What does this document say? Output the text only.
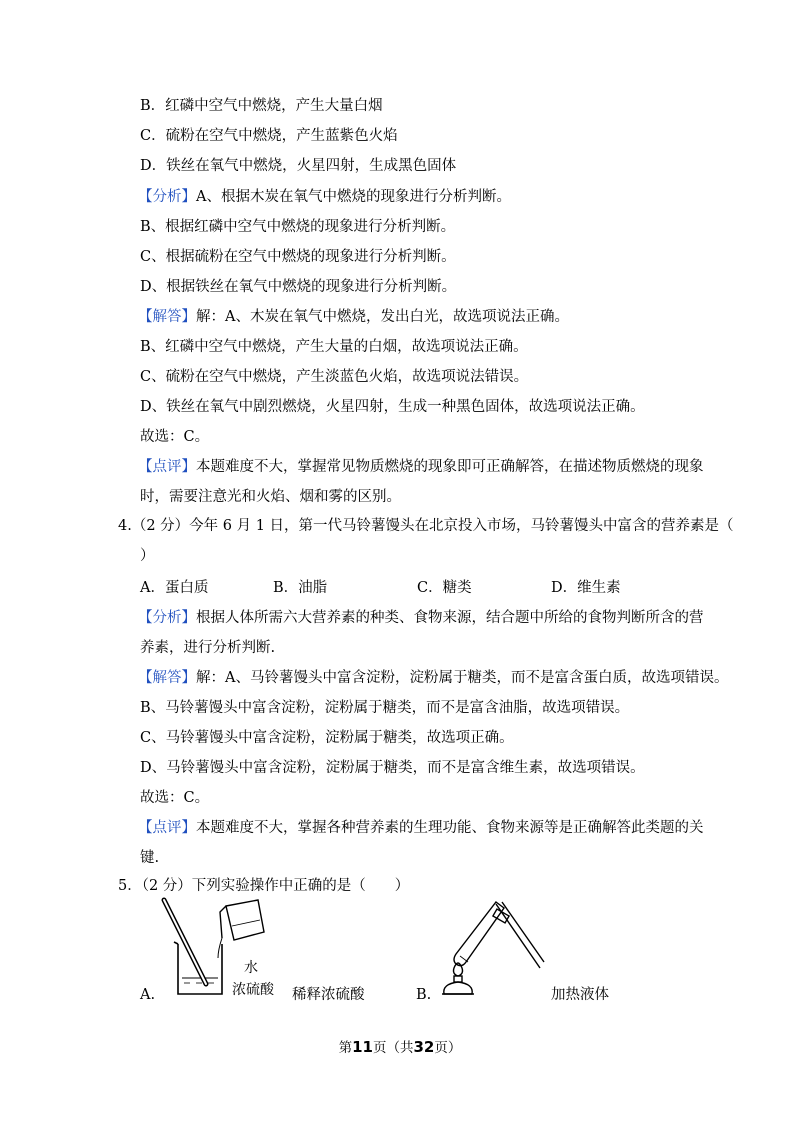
B．红磷中空气中燃烧，产生大量白烟
C．硫粉在空气中燃烧，产生蓝紫色火焰
D．铁丝在氧气中燃烧，火星四射，生成黑色固体
【分析】A、根据木炭在氧气中燃烧的现象进行分析判断。
B、根据红磷中空气中燃烧的现象进行分析判断。
C、根据硫粉在空气中燃烧的现象进行分析判断。
D、根据铁丝在氧气中燃烧的现象进行分析判断。
【解答】解：A、木炭在氧气中燃烧，发出白光，故选项说法正确。
B、红磷中空气中燃烧，产生大量的白烟，故选项说法正确。
C、硫粉在空气中燃烧，产生淡蓝色火焰，故选项说法错误。
D、铁丝在氧气中剧烈燃烧，火星四射，生成一种黑色固体，故选项说法正确。
故选：C。
【点评】本题难度不大，掌握常见物质燃烧的现象即可正确解答，在描述物质燃烧的现象
时，需要注意光和火焰、烟和雾的区别。
4.（2 分）今年 6 月 1 日，第一代马铃薯馒头在北京投入市场，马铃薯馒头中富含的营养素是（
）
A．蛋白质	B．油脂	C．糖类	D．维生素
【分析】根据人体所需六大营养素的种类、食物来源，结合题中所给的食物判断所含的营
养素，进行分析判断.
【解答】解：A、马铃薯馒头中富含淀粉，淀粉属于糖类，而不是富含蛋白质，故选项错误。
B、马铃薯馒头中富含淀粉，淀粉属于糖类，而不是富含油脂，故选项错误。
C、马铃薯馒头中富含淀粉，淀粉属于糖类，故选项正确。
D、马铃薯馒头中富含淀粉，淀粉属于糖类，而不是富含维生素，故选项错误。
故选：C。
【点评】本题难度不大，掌握各种营养素的生理功能、食物来源等是正确解答此类题的关
键.
5．（2 分）下列实验操作中正确的是（　　）
A.
水
浓硫酸 稀释浓硫酸	B.	加热液体
第11页（共32页）
